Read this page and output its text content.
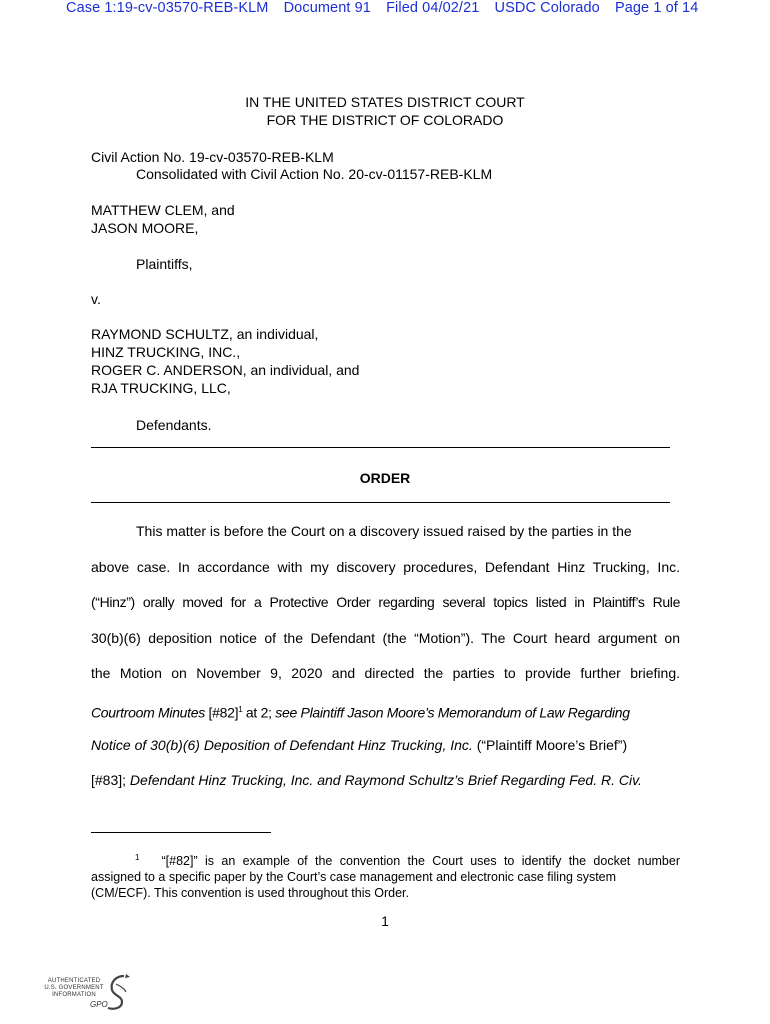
Case 1:19-cv-03570-REB-KLM Document 91 Filed 04/02/21 USDC Colorado Page 1 of 14
IN THE UNITED STATES DISTRICT COURT
FOR THE DISTRICT OF COLORADO
Civil Action No. 19-cv-03570-REB-KLM
Consolidated with Civil Action No. 20-cv-01157-REB-KLM
MATTHEW CLEM, and
JASON MOORE,
Plaintiffs,
v.
RAYMOND SCHULTZ, an individual,
HINZ TRUCKING, INC.,
ROGER C. ANDERSON, an individual, and
RJA TRUCKING, LLC,
Defendants.
ORDER
This matter is before the Court on a discovery issued raised by the parties in the
above case. In accordance with my discovery procedures, Defendant Hinz Trucking, Inc.
(“Hinz”) orally moved for a Protective Order regarding several topics listed in Plaintiff’s Rule
30(b)(6) deposition notice of the Defendant (the “Motion”). The Court heard argument on
the Motion on November 9, 2020 and directed the parties to provide further briefing.
Courtroom Minutes [#82]$^1$ at 2; see Plaintiff Jason Moore’s Memorandum of Law Regarding
Notice of 30(b)(6) Deposition of Defendant Hinz Trucking, Inc. (“Plaintiff Moore’s Brief”)
[#83]; Defendant Hinz Trucking, Inc. and Raymond Schultz’s Brief Regarding Fed. R. Civ.
$^1$ “[#82]” is an example of the convention the Court uses to identify the docket number
assigned to a specific paper by the Court’s case management and electronic case filing system
(CM/ECF). This convention is used throughout this Order.
1
AUTHENTICATED
U.S. GOVERNMENT
INFORMATION
GPO
